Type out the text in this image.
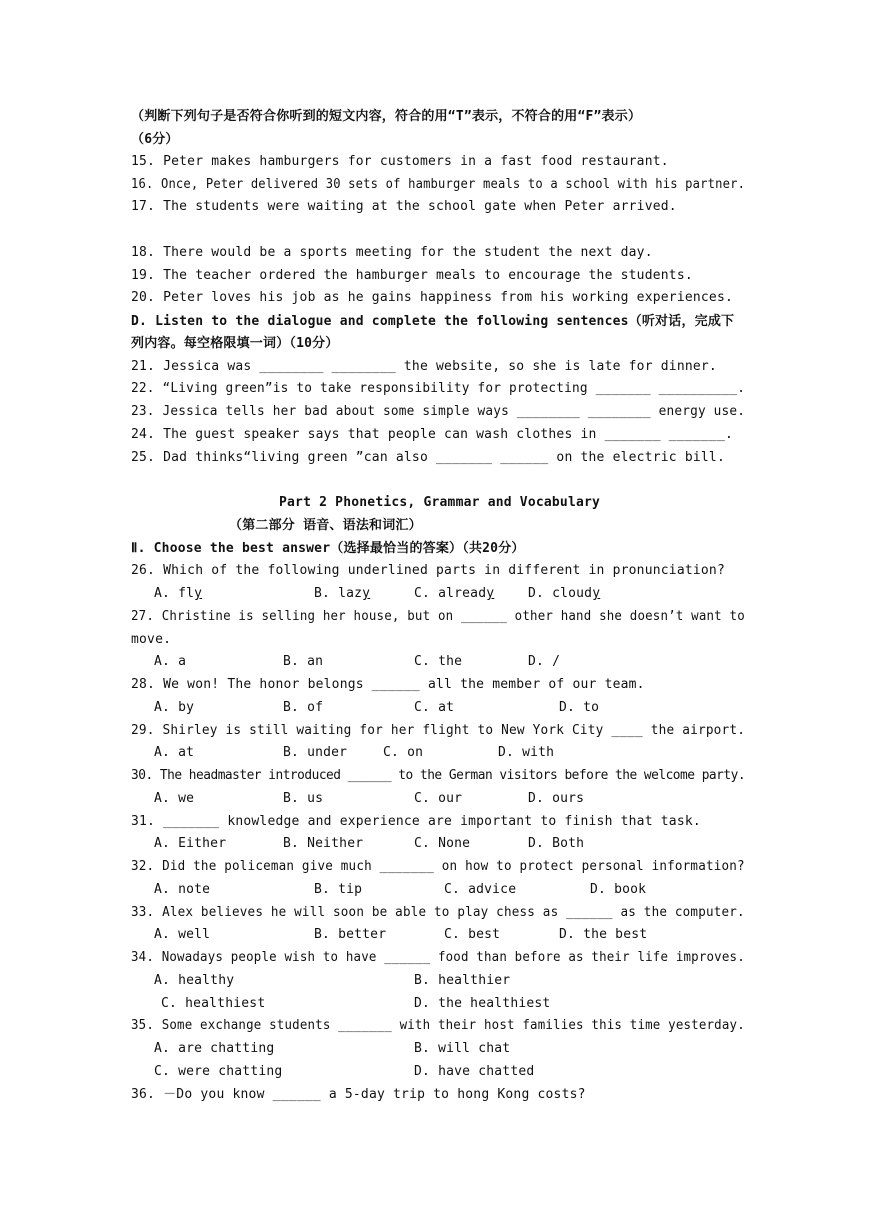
（判断下列句子是否符合你听到的短文内容，符合的用“T”表示，不符合的用“F”表示）
（6分）
15. Peter makes hamburgers for customers in a fast food restaurant.
16. Once, Peter delivered 30 sets of hamburger meals to a school with his partner.
17. The students were waiting at the school gate when Peter arrived.
18. There would be a sports meeting for the student the next day.
19. The teacher ordered the hamburger meals to encourage the students.
20. Peter loves his job as he gains happiness from his working experiences.
D. Listen to the dialogue and complete the following sentences（听对话，完成下
列内容。每空格限填一词）（10分）
21. Jessica was ________ ________ the website, so she is late for dinner.
22. “Living green”is to take responsibility for protecting _______ __________.
23. Jessica tells her bad about some simple ways ________ ________ energy use.
24. The guest speaker says that people can wash clothes in _______ _______.
25. Dad thinks“living green ”can also _______ ______ on the electric bill.
Part 2 Phonetics, Grammar and Vocabulary
（第二部分 语音、语法和词汇）
Ⅱ. Choose the best answer（选择最恰当的答案）（共20分）
26. Which of the following underlined parts in different in pronunciation?
A. fly	B. lazy	C. already	D. cloudy
27. Christine is selling her house, but on ______ other hand she doesn’t want to
move.
A. a	B. an	C. the	D. /
28. We won! The honor belongs ______ all the member of our team.
A. by	B. of	C. at	D. to
29. Shirley is still waiting for her flight to New York City ____ the airport.
A. at	B. under	C. on	D. with
30. The headmaster introduced ______ to the German visitors before the welcome party.
A. we	B. us	C. our	D. ours
31. _______ knowledge and experience are important to finish that task.
A. Either	B. Neither	C. None	D. Both
32. Did the policeman give much _______ on how to protect personal information?
A. note	B. tip	C. advice	D. book
33. Alex believes he will soon be able to play chess as ______ as the computer.
A. well	B. better	C. best	D. the best
34. Nowadays people wish to have ______ food than before as their life improves.
A. healthy	B. healthier
C. healthiest	D. the healthiest
35. Some exchange students _______ with their host families this time yesterday.
A. are chatting	B. will chat
C. were chatting	D. have chatted
36. －Do you know ______ a 5-day trip to hong Kong costs?
